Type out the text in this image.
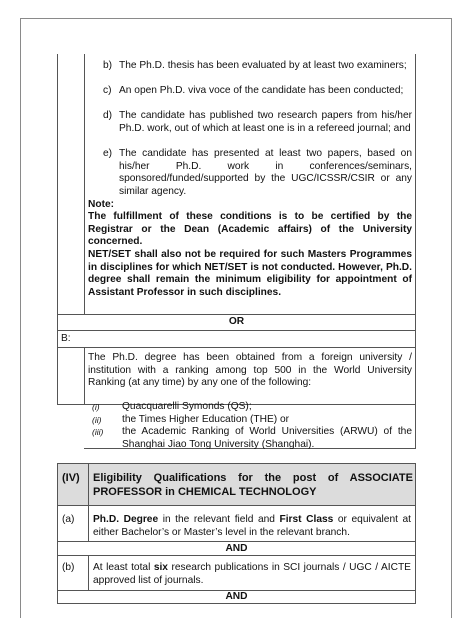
b) The Ph.D. thesis has been evaluated by at least two examiners;
c) An open Ph.D. viva voce of the candidate has been conducted;
d) The candidate has published two research papers from his/her Ph.D. work, out of which at least one is in a refereed journal; and
e) The candidate has presented at least two papers, based on his/her Ph.D. work in conferences/seminars, sponsored/funded/supported by the UGC/ICSSR/CSIR or any similar agency.
Note:
The fulfillment of these conditions is to be certified by the Registrar or the Dean (Academic affairs) of the University concerned.
NET/SET shall also not be required for such Masters Programmes in disciplines for which NET/SET is not conducted. However, Ph.D. degree shall remain the minimum eligibility for appointment of Assistant Professor in such disciplines.
OR
B:
The Ph.D. degree has been obtained from a foreign university / institution with a ranking among top 500 in the World University Ranking (at any time) by any one of the following:
(i) Quacquarelli Symonds (QS);
(ii) the Times Higher Education (THE) or
(iii) the Academic Ranking of World Universities (ARWU) of the Shanghai Jiao Tong University (Shanghai).
(IV) Eligibility Qualifications for the post of ASSOCIATE PROFESSOR in CHEMICAL TECHNOLOGY
(a) Ph.D. Degree in the relevant field and First Class or equivalent at either Bachelor’s or Master’s level in the relevant branch.
AND
(b) At least total six research publications in SCI journals / UGC / AICTE approved list of journals.
AND
